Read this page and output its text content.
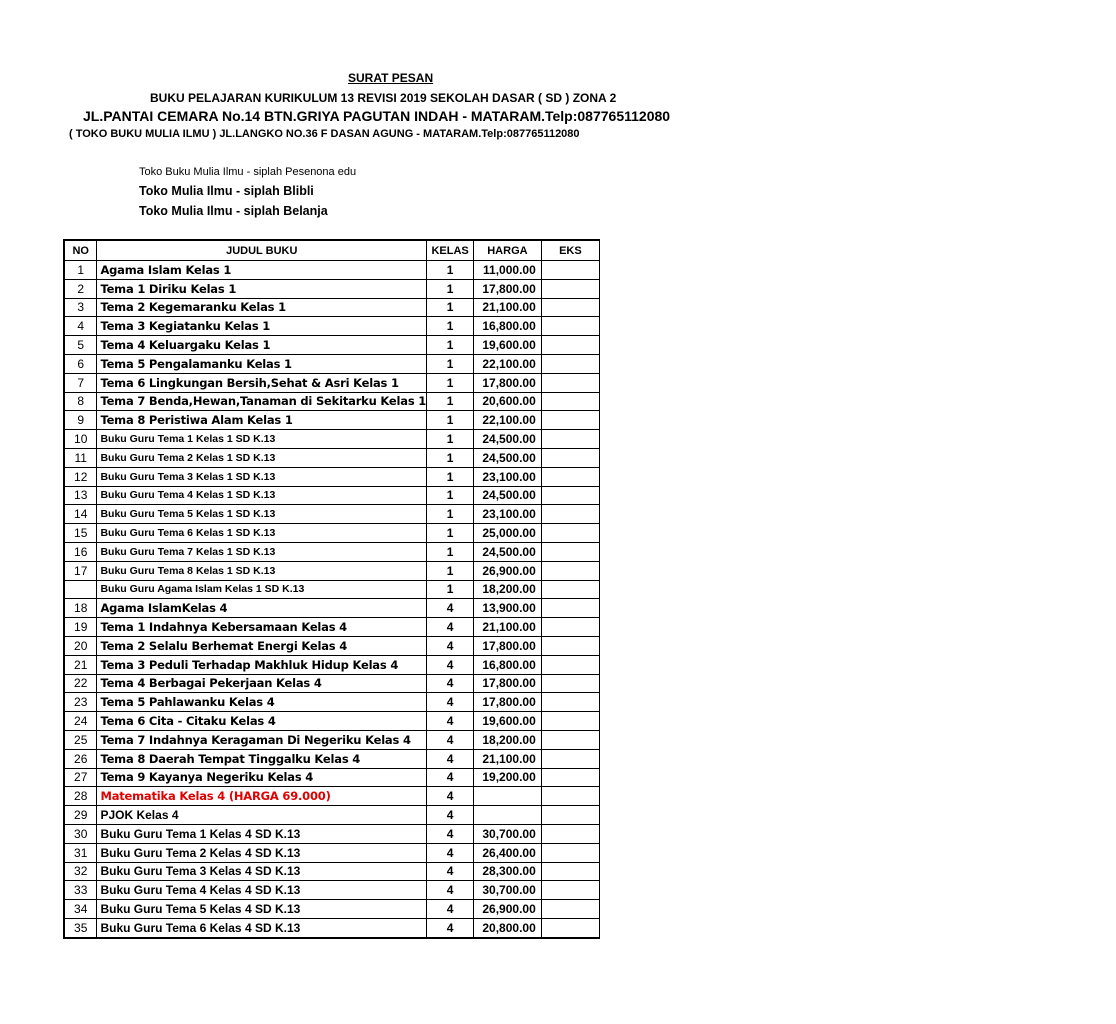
SURAT PESAN
BUKU PELAJARAN KURIKULUM 13 REVISI 2019 SEKOLAH DASAR ( SD ) ZONA 2
JL.PANTAI CEMARA No.14 BTN.GRIYA PAGUTAN INDAH - MATARAM.Telp:087765112080
( TOKO BUKU MULIA ILMU ) JL.LANGKO NO.36 F DASAN AGUNG - MATARAM.Telp:087765112080
Toko Buku Mulia Ilmu - siplah Pesenona edu
Toko Mulia Ilmu - siplah Blibli
Toko Mulia Ilmu - siplah Belanja
NO	JUDUL BUKU	KELAS	HARGA	EKS
1	Agama Islam Kelas 1	1	11,000.00	
2	Tema 1 Diriku Kelas 1	1	17,800.00	
3	Tema 2 Kegemaranku Kelas 1	1	21,100.00	
4	Tema 3 Kegiatanku Kelas 1	1	16,800.00	
5	Tema 4 Keluargaku Kelas 1	1	19,600.00	
6	Tema 5 Pengalamanku Kelas 1	1	22,100.00	
7	Tema 6 Lingkungan Bersih,Sehat & Asri Kelas 1	1	17,800.00	
8	Tema 7 Benda,Hewan,Tanaman di Sekitarku Kelas 1	1	20,600.00	
9	Tema 8 Peristiwa Alam Kelas 1	1	22,100.00	
10	Buku Guru Tema 1 Kelas 1 SD K.13	1	24,500.00	
11	Buku Guru Tema 2 Kelas 1 SD K.13	1	24,500.00	
12	Buku Guru Tema 3 Kelas 1 SD K.13	1	23,100.00	
13	Buku Guru Tema 4 Kelas 1 SD K.13	1	24,500.00	
14	Buku Guru Tema 5 Kelas 1 SD K.13	1	23,100.00	
15	Buku Guru Tema 6 Kelas 1 SD K.13	1	25,000.00	
16	Buku Guru Tema 7 Kelas 1 SD K.13	1	24,500.00	
17	Buku Guru Tema 8 Kelas 1 SD K.13	1	26,900.00	
	Buku Guru Agama Islam Kelas 1 SD K.13	1	18,200.00	
18	Agama IslamKelas 4	4	13,900.00	
19	Tema 1 Indahnya Kebersamaan Kelas 4	4	21,100.00	
20	Tema 2 Selalu Berhemat Energi Kelas 4	4	17,800.00	
21	Tema 3 Peduli Terhadap Makhluk Hidup Kelas 4	4	16,800.00	
22	Tema 4 Berbagai Pekerjaan Kelas 4	4	17,800.00	
23	Tema 5 Pahlawanku Kelas 4	4	17,800.00	
24	Tema 6 Cita - Citaku Kelas 4	4	19,600.00	
25	Tema 7 Indahnya Keragaman Di Negeriku Kelas 4	4	18,200.00	
26	Tema 8 Daerah Tempat Tinggalku Kelas 4	4	21,100.00	
27	Tema 9 Kayanya Negeriku Kelas 4	4	19,200.00	
28	Matematika Kelas 4 (HARGA 69.000)	4		
29	PJOK Kelas 4	4		
30	Buku Guru Tema 1 Kelas 4 SD K.13	4	30,700.00	
31	Buku Guru Tema 2 Kelas 4 SD K.13	4	26,400.00	
32	Buku Guru Tema 3 Kelas 4 SD K.13	4	28,300.00	
33	Buku Guru Tema 4 Kelas 4 SD K.13	4	30,700.00	
34	Buku Guru Tema 5 Kelas 4 SD K.13	4	26,900.00	
35	Buku Guru Tema 6 Kelas 4 SD K.13	4	20,800.00	
